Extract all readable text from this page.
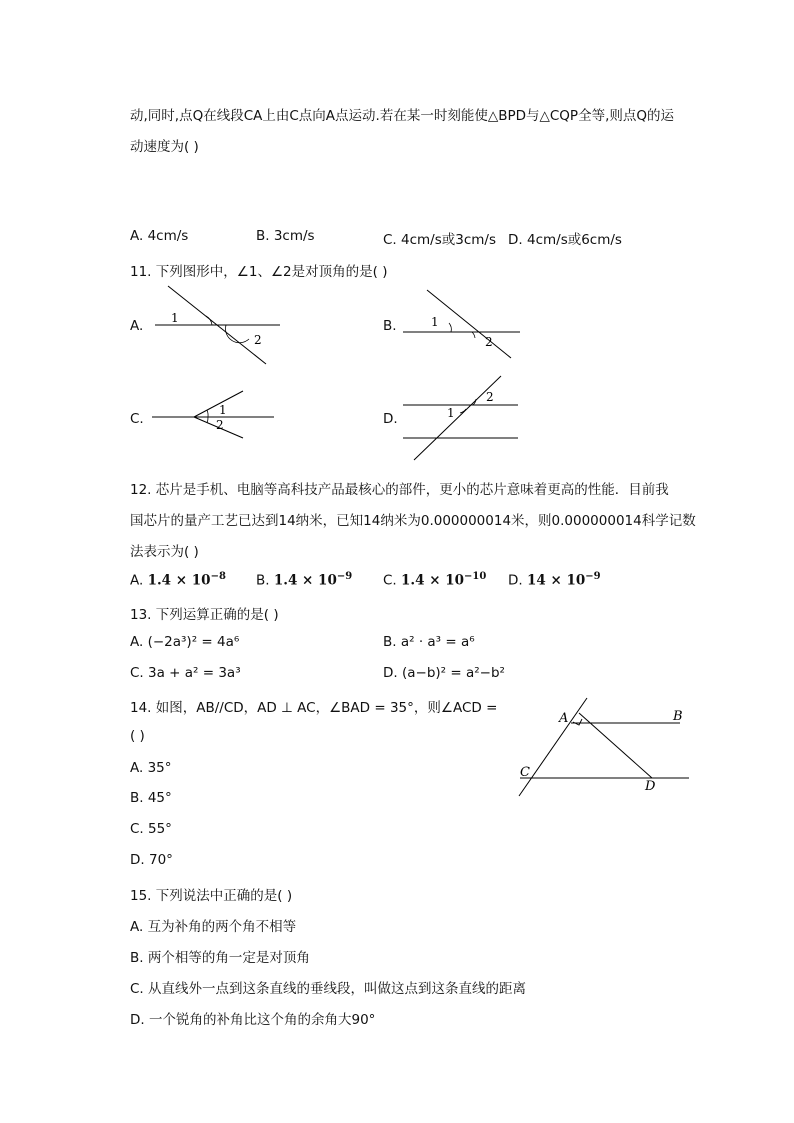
动,同时,点Q在线段CA上由C点向A点运动.若在某一时刻能使△BPD与△CQP全等,则点Q的运
动速度为( )
A. 4cm/s	B. 3cm/s	C. 4cm/s或3cm/s D. 4cm/s或6cm/s
11. 下列图形中，∠1、∠2是对顶角的是( )
A. 1
2
B.	1
2
C.
1
2	D.	1
2
12. 芯片是手机、电脑等高科技产品最核心的部件，更小的芯片意味着更高的性能．目前我
国芯片的量产工艺已达到14纳米，已知14纳米为0.000000014米，则0.000000014科学记数
法表示为( )
A. $1.4 \times 10^{-8}$ B. $1.4 \times 10^{-9}$ C. $1.4 \times 10^{-10}$ D. $14 \times 10^{-9}$
13. 下列运算正确的是( )
A. (−2a³)² = 4a⁶	B. a² · a³ = a⁶
C. 3a + a² = 3a³	D. (a−b)² = a²−b²
14. 如图，AB//CD，AD ⊥ AC，∠BAD = 35°，则∠ACD =
( )
A. 35°
B. 45°
C. 55°
D. 70°
A	B
C
D
15. 下列说法中正确的是( )
A. 互为补角的两个角不相等
B. 两个相等的角一定是对顶角
C. 从直线外一点到这条直线的垂线段，叫做这点到这条直线的距离
D. 一个锐角的补角比这个角的余角大90°
